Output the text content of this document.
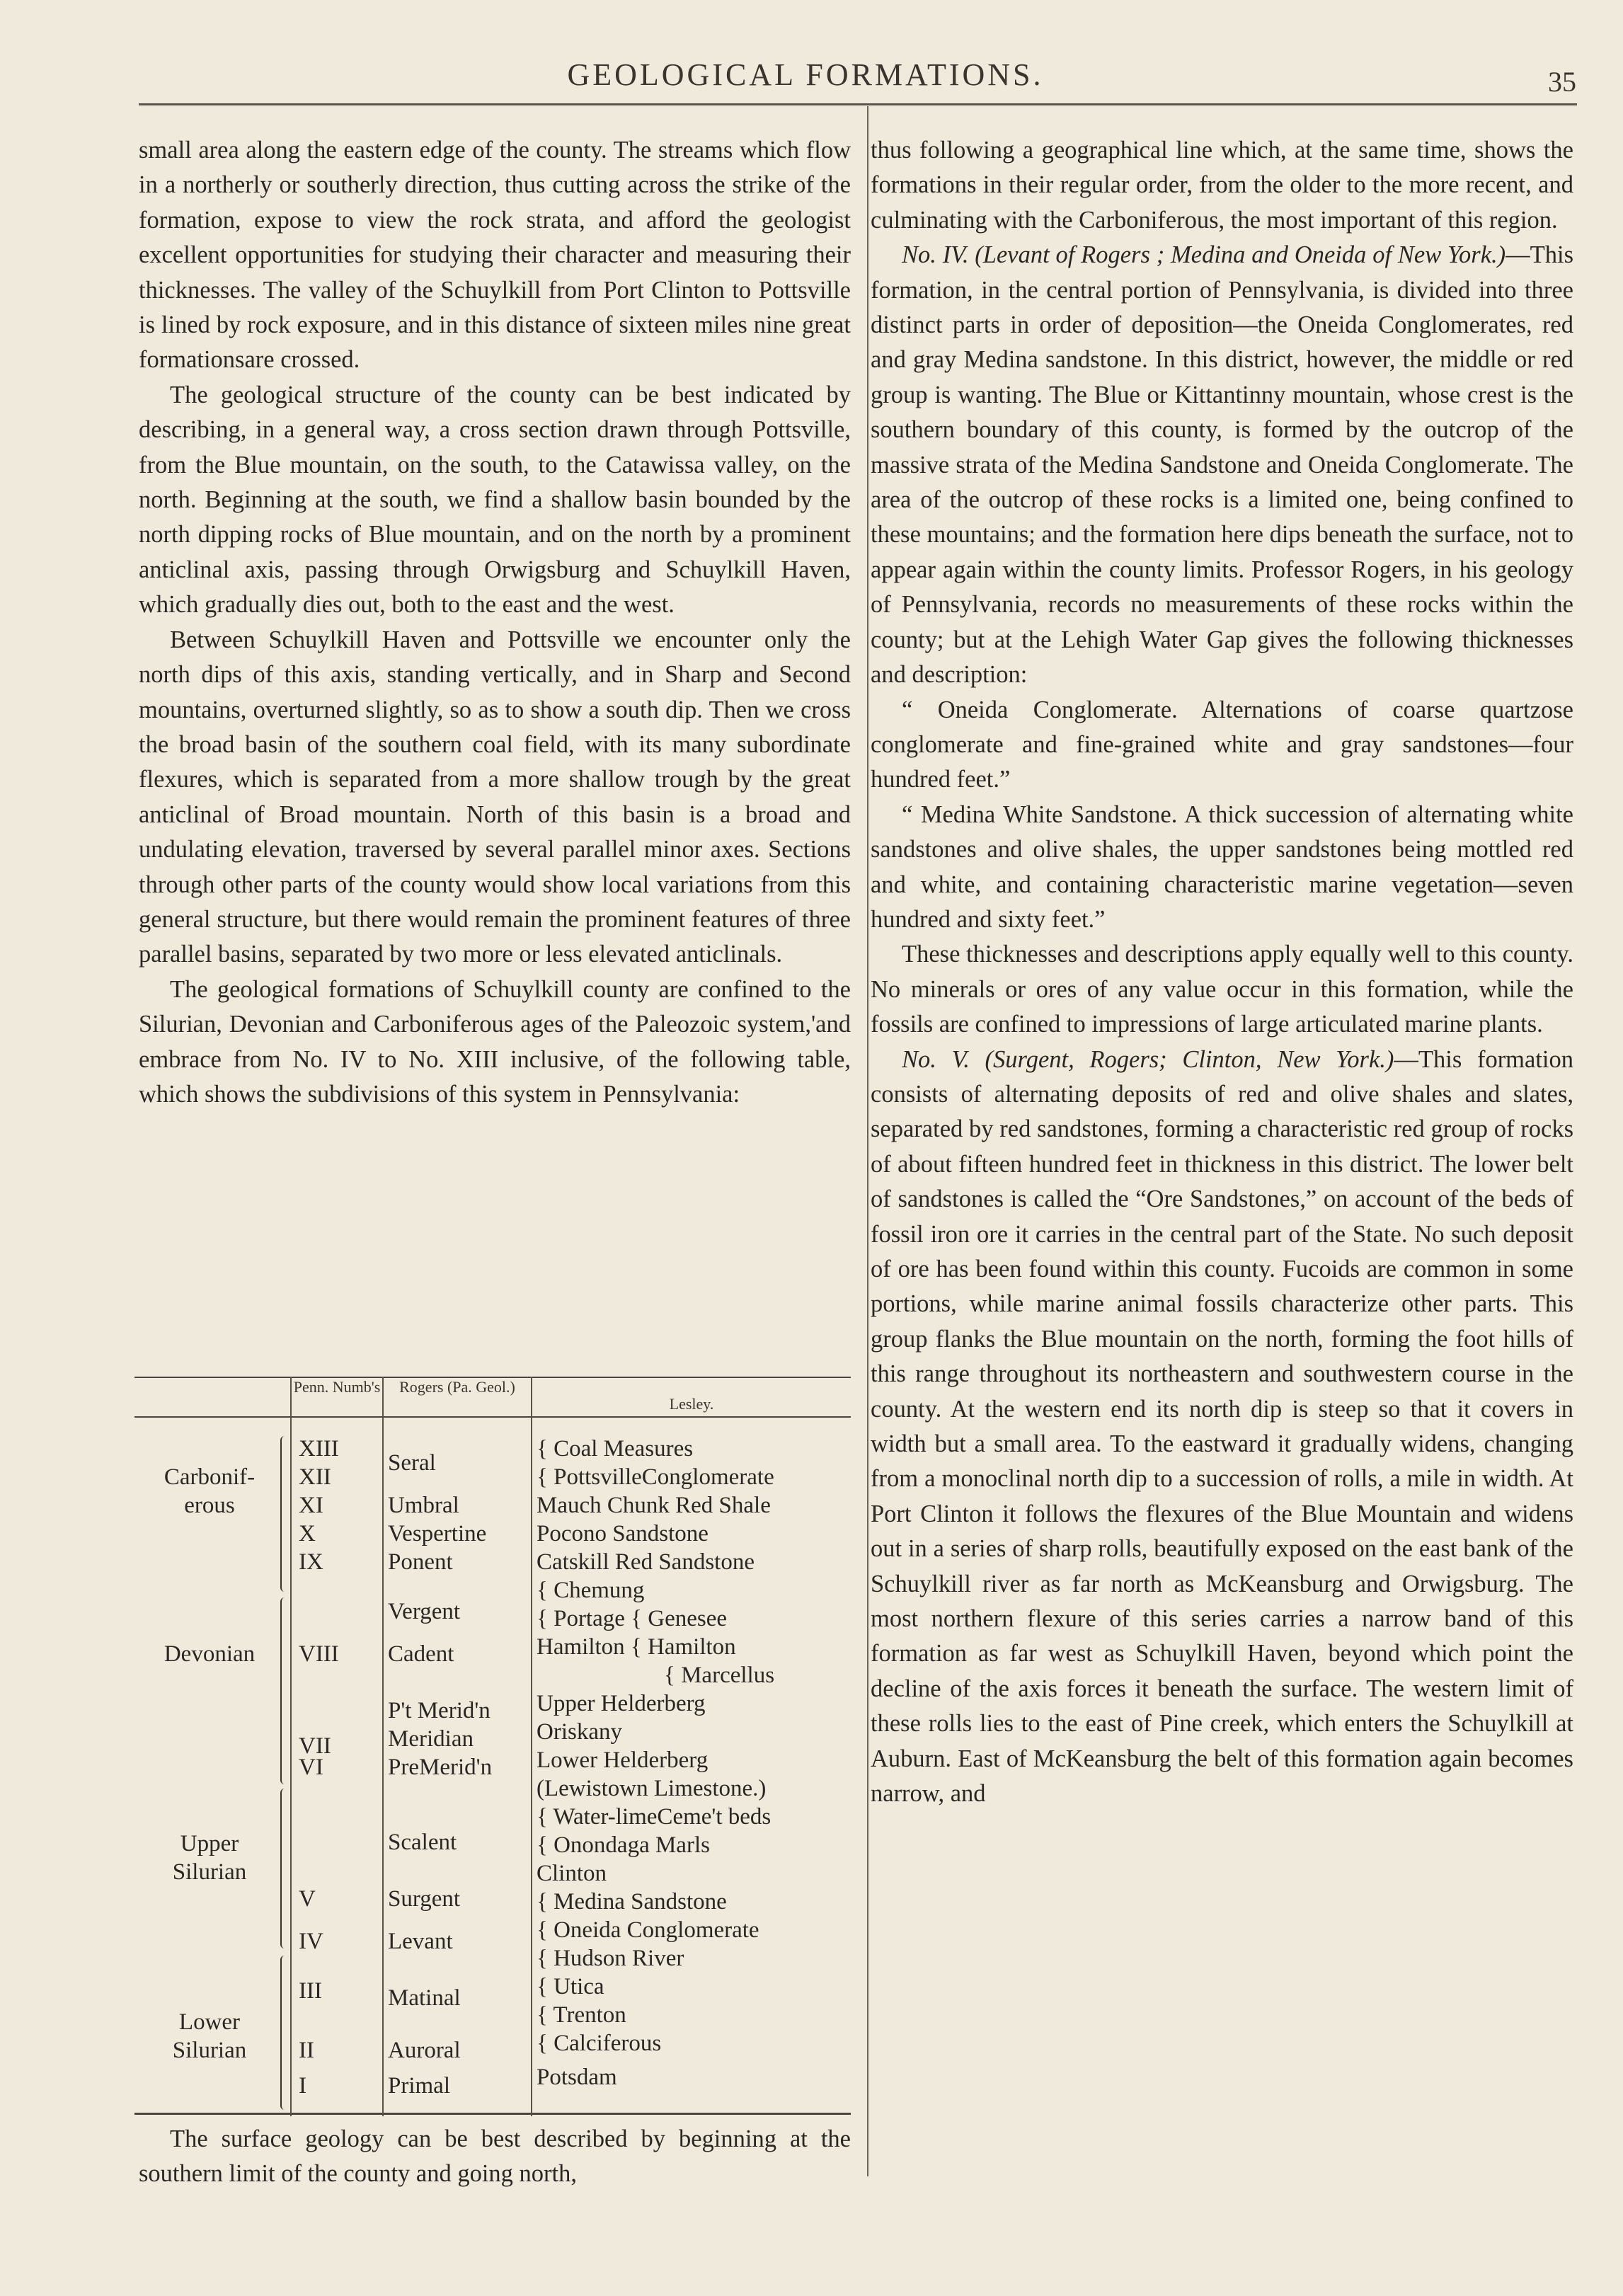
GEOLOGICAL FORMATIONS.	35

small area along the eastern edge of the county. The streams which flow in a northerly or southerly direction, thus cutting across the strike of the formation, expose to view the rock strata, and afford the geologist excellent opportunities for studying their character and measuring their thicknesses. The valley of the Schuylkill from Port Clinton to Pottsville is lined by rock exposure, and in this distance of sixteen miles nine great formationsare crossed.

The geological structure of the county can be best indicated by describing, in a general way, a cross section drawn through Pottsville, from the Blue mountain, on the south, to the Catawissa valley, on the north. Beginning at the south, we find a shallow basin bounded by the north dipping rocks of Blue mountain, and on the north by a prominent anticlinal axis, passing through Orwigsburg and Schuylkill Haven, which gradually dies out, both to the east and the west.

Between Schuylkill Haven and Pottsville we encounter only the north dips of this axis, standing vertically, and in Sharp and Second mountains, overturned slightly, so as to show a south dip. Then we cross the broad basin of the southern coal field, with its many subordinate flexures, which is separated from a more shallow trough by the great anticlinal of Broad mountain. North of this basin is a broad and undulating elevation, traversed by several parallel minor axes. Sections through other parts of the county would show local variations from this general structure, but there would remain the prominent features of three parallel basins, separated by two more or less elevated anticlinals.

The geological formations of Schuylkill county are confined to the Silurian, Devonian and Carboniferous ages of the Paleozoic system,'and embrace from No. IV to No. XIII inclusive, of the following table, which shows the subdivisions of this system in Pennsylvania:

Penn. Numb's	Rogers (Pa. Geol.)
Lesley.
Carbonif-
erous
Devonian
Upper
Silurian
Lower
Silurian
XIII
XII
XI
X
IX
VIII
VII
VI
V
IV
III
II
I
Seral
Umbral
Vespertine
Ponent
Vergent
Cadent
P't Merid'n
Meridian
PreMerid'n
Scalent
Surgent
Levant
Matinal
Auroral
Primal
{ Coal Measures
{ PottsvilleConglomerate
Mauch Chunk Red Shale
Pocono Sandstone
Catskill Red Sandstone
{ Chemung
{ Portage { Genesee
Hamilton { Hamilton
{ Marcellus
Upper Helderberg
Oriskany
Lower Helderberg
(Lewistown Limestone.)
{ Water-limeCeme't beds
{ Onondaga Marls
Clinton
{ Medina Sandstone
{ Oneida Conglomerate
{ Hudson River
{ Utica
{ Trenton
{ Calciferous
Potsdam

The surface geology can be best described by beginning at the southern limit of the county and going north,

thus following a geographical line which, at the same time, shows the formations in their regular order, from the older to the more recent, and culminating with the Carboniferous, the most important of this region.

No. IV. (Levant of Rogers ; Medina and Oneida of New York.)—This formation, in the central portion of Pennsylvania, is divided into three distinct parts in order of deposition—the Oneida Conglomerates, red and gray Medina sandstone. In this district, however, the middle or red group is wanting. The Blue or Kittantinny mountain, whose crest is the southern boundary of this county, is formed by the outcrop of the massive strata of the Medina Sandstone and Oneida Conglomerate. The area of the outcrop of these rocks is a limited one, being confined to these mountains; and the formation here dips beneath the surface, not to appear again within the county limits. Professor Rogers, in his geology of Pennsylvania, records no measurements of these rocks within the county; but at the Lehigh Water Gap gives the following thicknesses and description:

“ Oneida Conglomerate. Alternations of coarse quartzose conglomerate and fine-grained white and gray sandstones—four hundred feet.”

“ Medina White Sandstone. A thick succession of alternating white sandstones and olive shales, the upper sandstones being mottled red and white, and containing characteristic marine vegetation—seven hundred and sixty feet.”

These thicknesses and descriptions apply equally well to this county. No minerals or ores of any value occur in this formation, while the fossils are confined to impressions of large articulated marine plants.

No. V. (Surgent, Rogers; Clinton, New York.)—This formation consists of alternating deposits of red and olive shales and slates, separated by red sandstones, forming a characteristic red group of rocks of about fifteen hundred feet in thickness in this district. The lower belt of sandstones is called the “Ore Sandstones,” on account of the beds of fossil iron ore it carries in the central part of the State. No such deposit of ore has been found within this county. Fucoids are common in some portions, while marine animal fossils characterize other parts. This group flanks the Blue mountain on the north, forming the foot hills of this range throughout its northeastern and southwestern course in the county. At the western end its north dip is steep so that it covers in width but a small area. To the eastward it gradually widens, changing from a monoclinal north dip to a succession of rolls, a mile in width. At Port Clinton it follows the flexures of the Blue Mountain and widens out in a series of sharp rolls, beautifully exposed on the east bank of the Schuylkill river as far north as McKeansburg and Orwigsburg. The most northern flexure of this series carries a narrow band of this formation as far west as Schuylkill Haven, beyond which point the decline of the axis forces it beneath the surface. The western limit of these rolls lies to the east of Pine creek, which enters the Schuylkill at Auburn. East of McKeansburg the belt of this formation again becomes narrow, and
